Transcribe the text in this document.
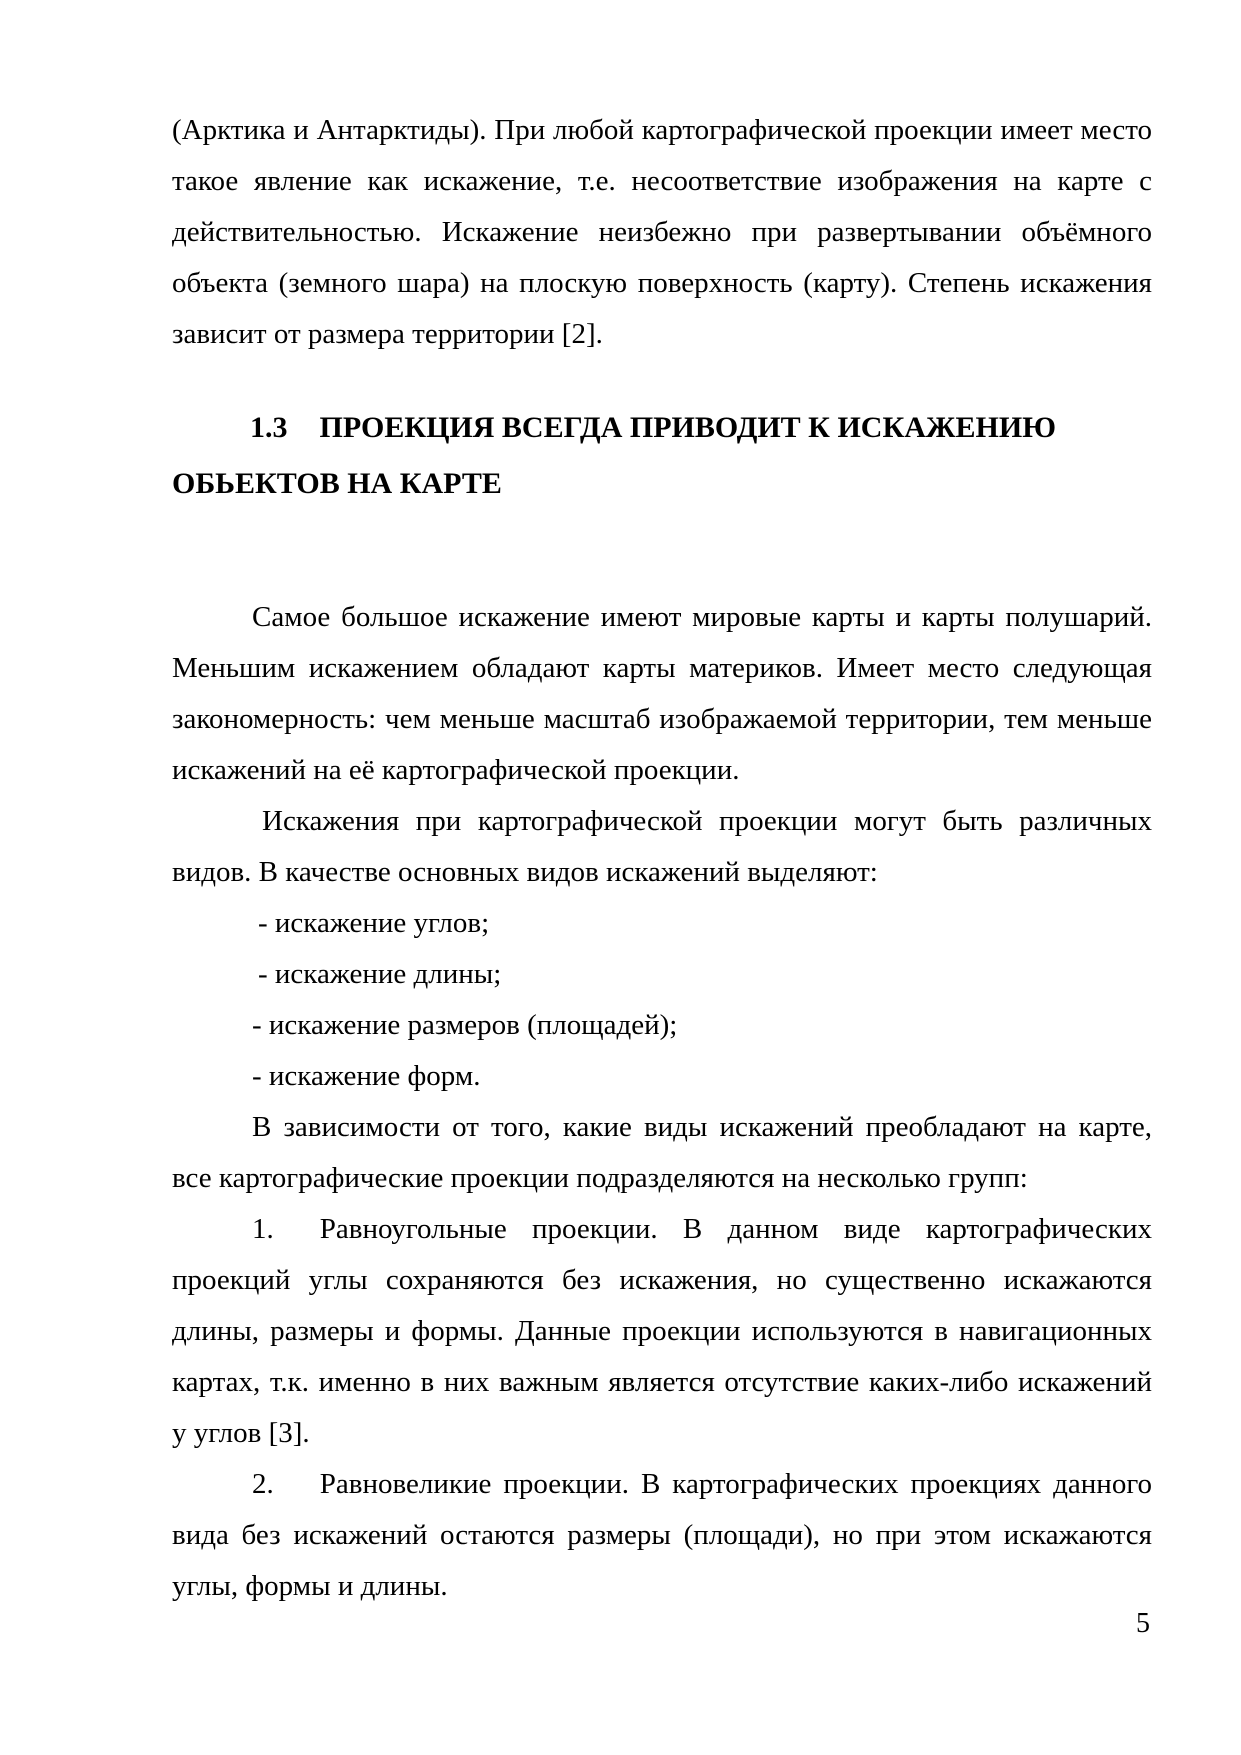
(Арктика и Антарктиды). При любой картографической проекции имеет место такое явление как искажение, т.е. несоответствие изображения на карте с действительностью. Искажение неизбежно при развертывании объёмного объекта (земного шара) на плоскую поверхность (карту). Степень искажения зависит от размера территории [2].

1.3 ПРОЕКЦИЯ ВСЕГДА ПРИВОДИТ К ИСКАЖЕНИЮ
ОБЬЕКТОВ НА КАРТЕ

Самое большое искажение имеют мировые карты и карты полушарий. Меньшим искажением обладают карты материков. Имеет место следующая закономерность: чем меньше масштаб изображаемой территории, тем меньше искажений на её картографической проекции.

Искажения при картографической проекции могут быть различных видов. В качестве основных видов искажений выделяют:

- искажение углов;

- искажение длины;

- искажение размеров (площадей);

- искажение форм.

В зависимости от того, какие виды искажений преобладают на карте, все картографические проекции подразделяются на несколько групп:

1. Равноугольные проекции. В данном виде картографических проекций углы сохраняются без искажения, но существенно искажаются длины, размеры и формы. Данные проекции используются в навигационных картах, т.к. именно в них важным является отсутствие каких-либо искажений у углов [3].

2. Равновеликие проекции. В картографических проекциях данного вида без искажений остаются размеры (площади), но при этом искажаются углы, формы и длины.

5
